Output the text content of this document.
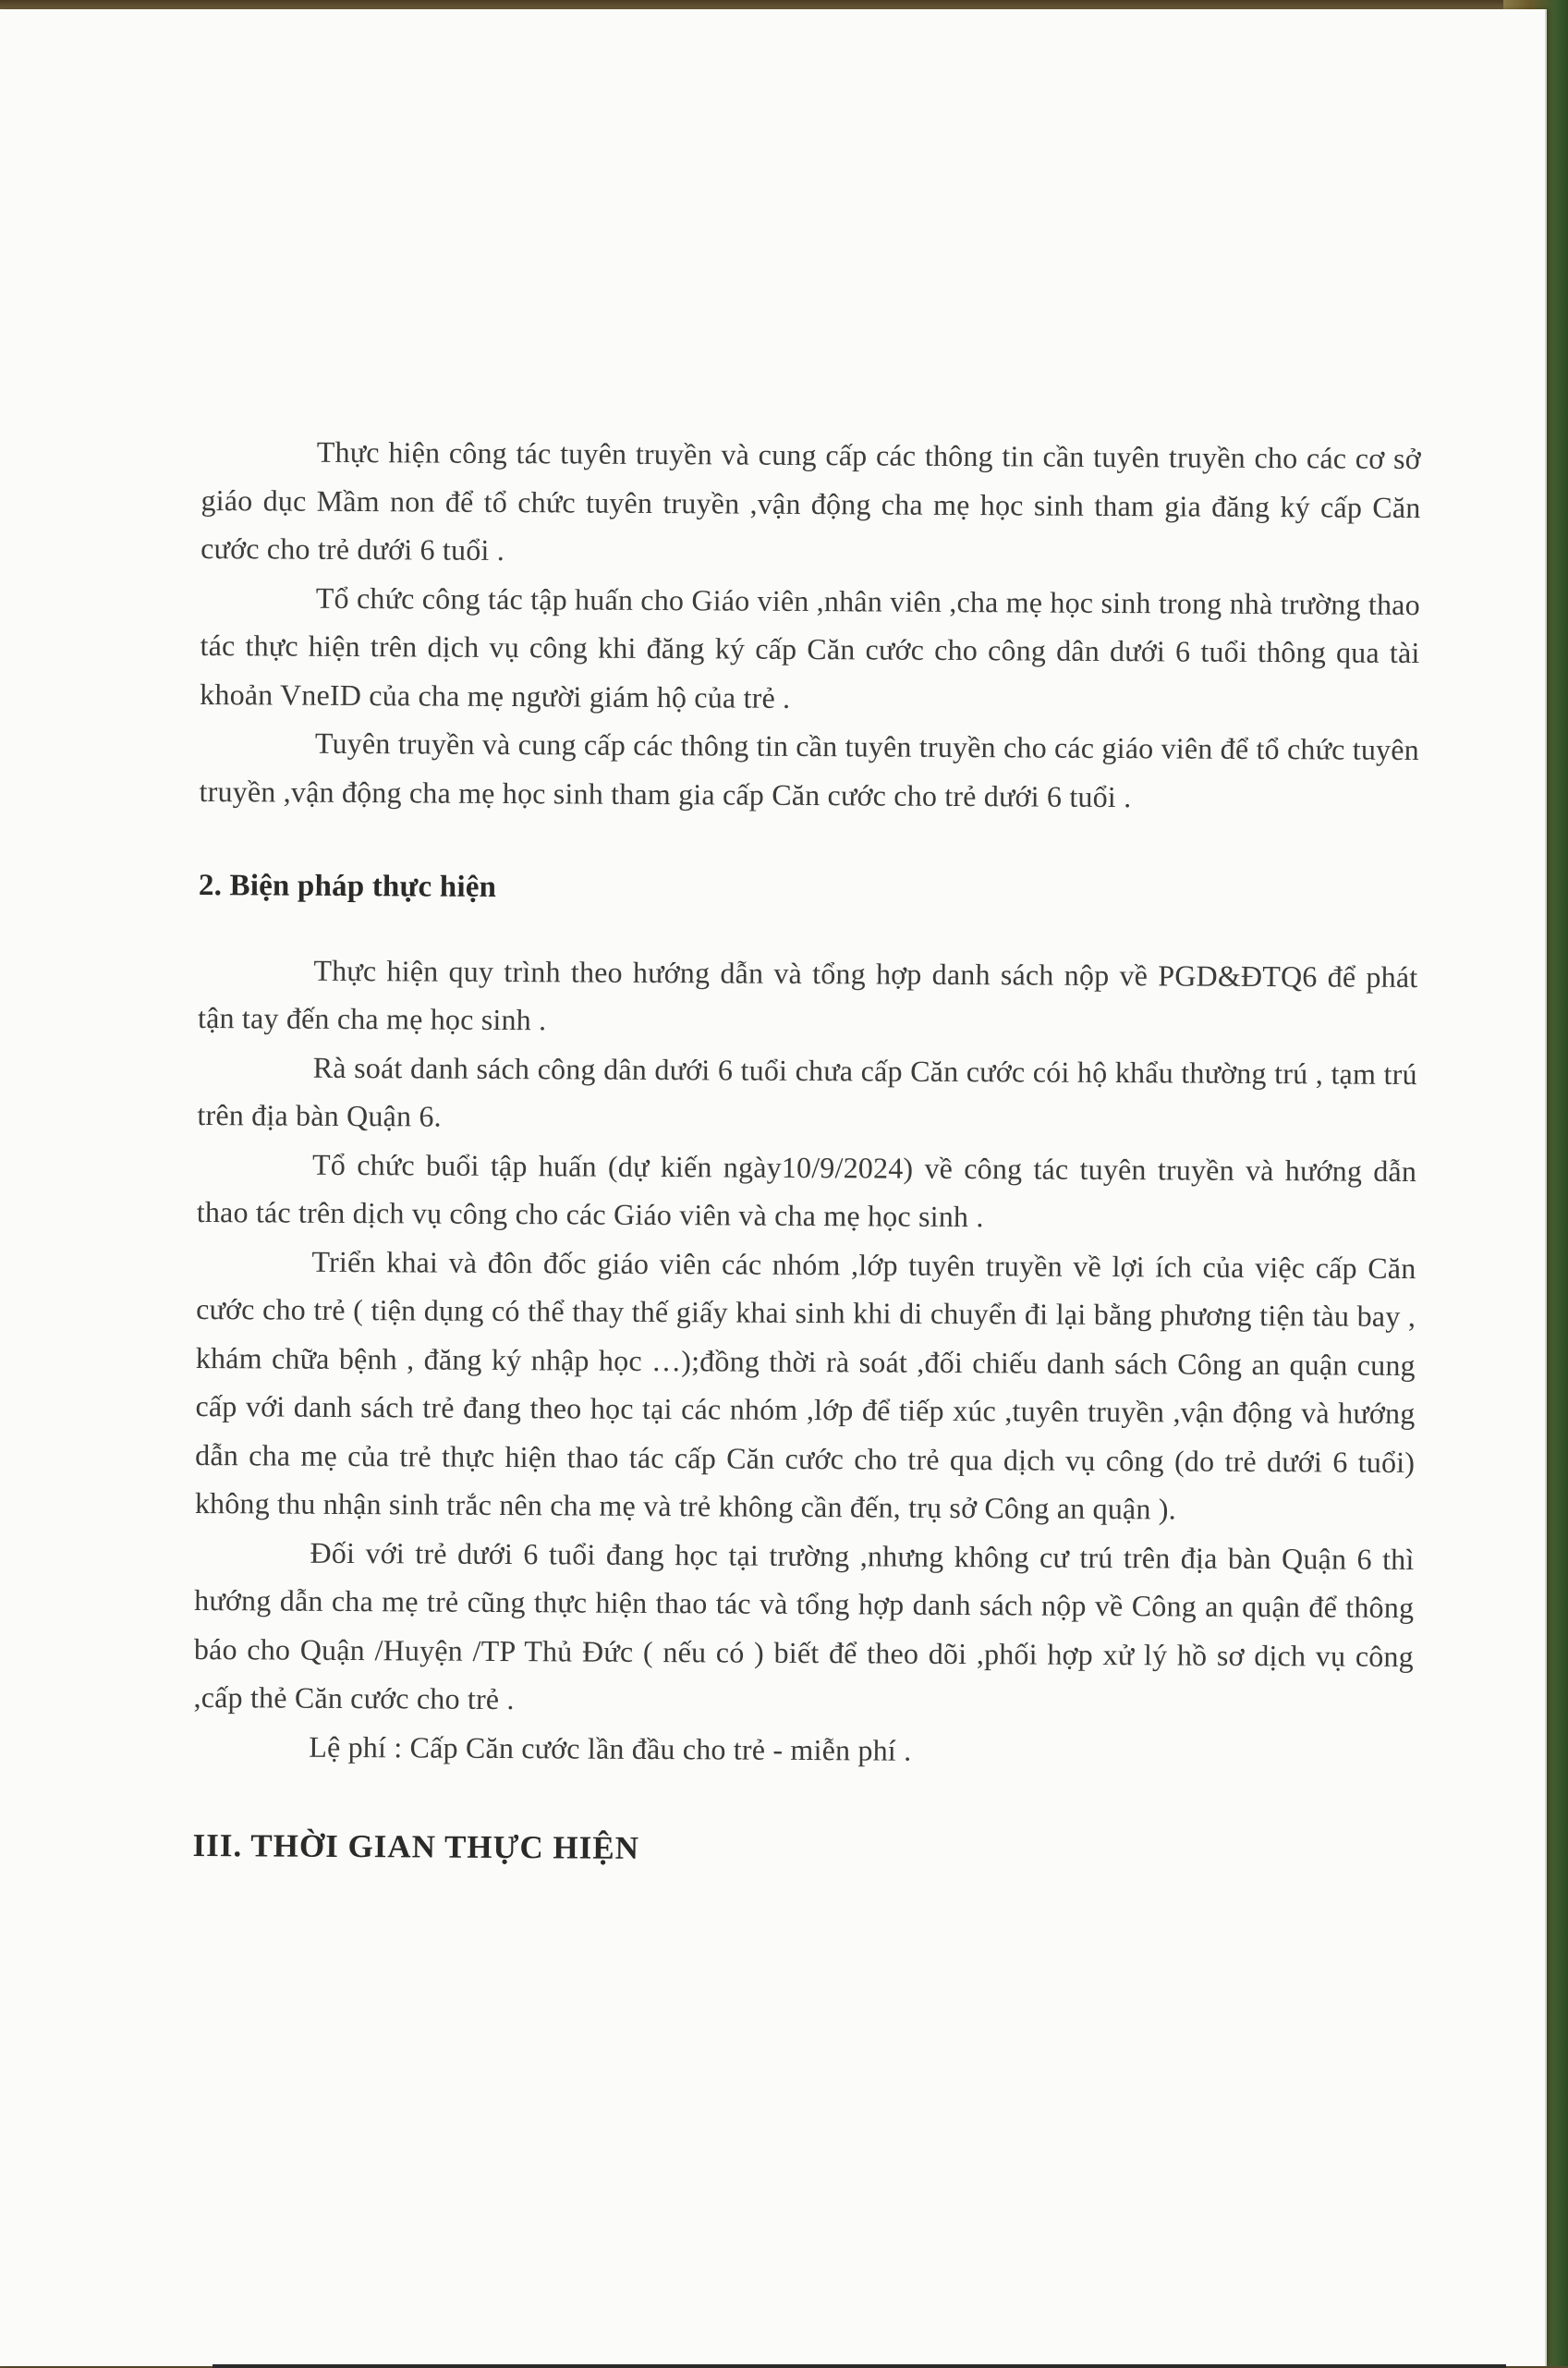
Thực hiện công tác tuyên truyền và cung cấp các thông tin cần tuyên truyền cho các cơ sở giáo dục Mầm non để tổ chức tuyên truyền ,vận động cha mẹ học sinh tham gia đăng ký cấp Căn cước cho trẻ dưới 6 tuổi .

Tổ chức công tác tập huấn cho Giáo viên ,nhân viên ,cha mẹ học sinh trong nhà trường thao tác thực hiện trên dịch vụ công khi đăng ký cấp Căn cước cho công dân dưới 6 tuổi thông qua tài khoản VneID của cha mẹ người giám hộ của trẻ .

Tuyên truyền và cung cấp các thông tin cần tuyên truyền cho các giáo viên để tổ chức tuyên truyền ,vận động cha mẹ học sinh tham gia cấp Căn cước cho trẻ dưới 6 tuổi .

2. Biện pháp thực hiện

Thực hiện quy trình theo hướng dẫn và tổng hợp danh sách nộp về PGD&ĐTQ6 để phát tận tay đến cha mẹ học sinh .

Rà soát danh sách công dân dưới 6 tuổi chưa cấp Căn cước cói hộ khẩu thường trú , tạm trú trên địa bàn Quận 6.

Tổ chức buổi tập huấn (dự kiến ngày10/9/2024) về công tác tuyên truyền và hướng dẫn thao tác trên dịch vụ công cho các Giáo viên và cha mẹ học sinh .

Triển khai và đôn đốc giáo viên các nhóm ,lớp tuyên truyền về lợi ích của việc cấp Căn cước cho trẻ ( tiện dụng có thể thay thế giấy khai sinh khi di chuyển đi lại bằng phương tiện tàu bay , khám chữa bệnh , đăng ký nhập học …);đồng thời rà soát ,đối chiếu danh sách Công an quận cung cấp với danh sách trẻ đang theo học tại các nhóm ,lớp để tiếp xúc ,tuyên truyền ,vận động và hướng dẫn cha mẹ của trẻ thực hiện thao tác cấp Căn cước cho trẻ qua dịch vụ công (do trẻ dưới 6 tuổi) không thu nhận sinh trắc nên cha mẹ và trẻ không cần đến, trụ sở Công an quận ).

Đối với trẻ dưới 6 tuổi đang học tại trường ,nhưng không cư trú trên địa bàn Quận 6 thì hướng dẫn cha mẹ trẻ cũng thực hiện thao tác và tổng hợp danh sách nộp về Công an quận để thông báo cho Quận /Huyện /TP Thủ Đức ( nếu có ) biết để theo dõi ,phối hợp xử lý hồ sơ dịch vụ công ,cấp thẻ Căn cước cho trẻ .

Lệ phí : Cấp Căn cước lần đầu cho trẻ - miễn phí .

III. THỜI GIAN THỰC HIỆN
